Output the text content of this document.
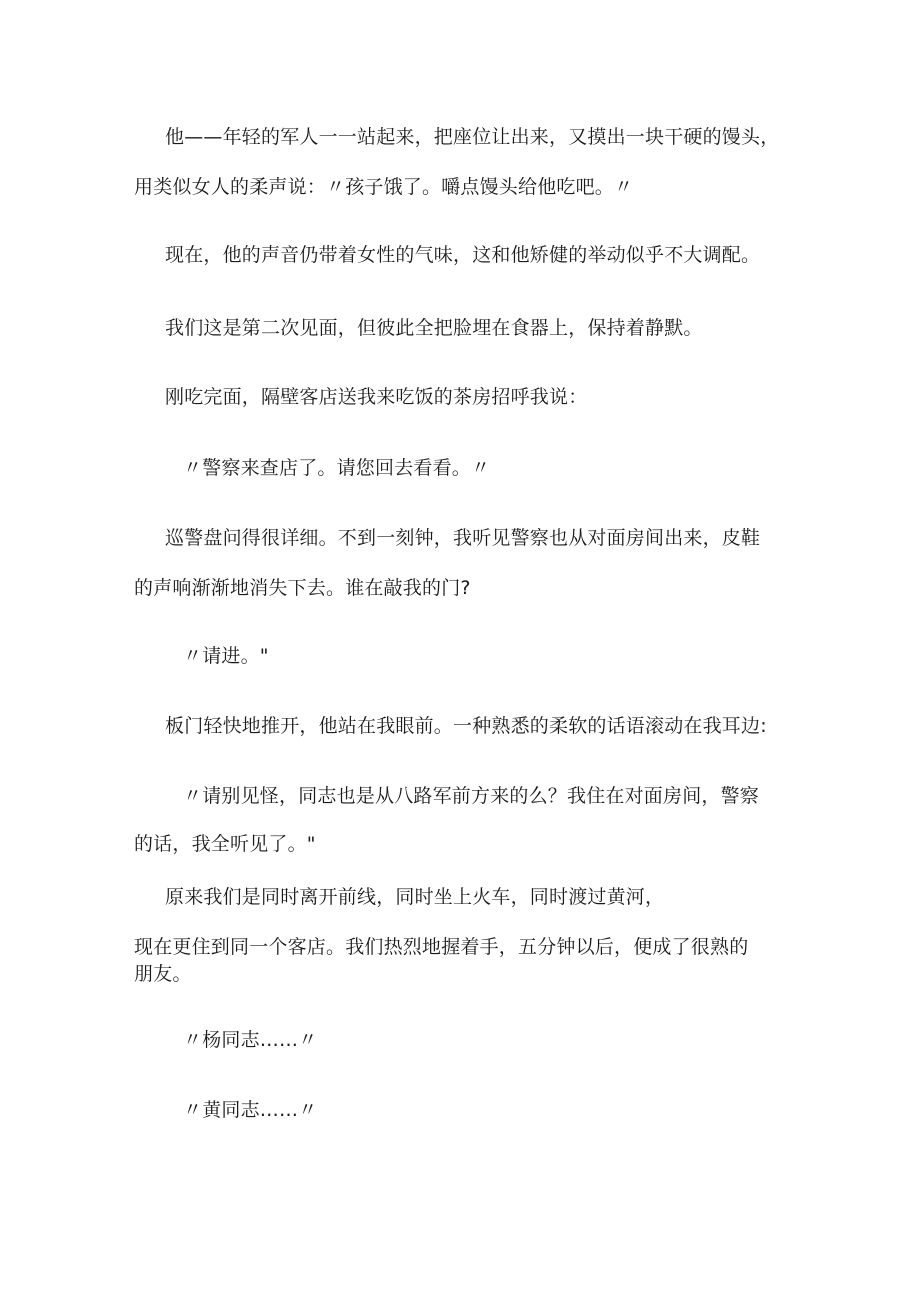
他——年轻的军人一一站起来，把座位让出来，又摸出一块干硬的馒头，
用类似女人的柔声说：〃孩子饿了。嚼点馒头给他吃吧。〃
现在，他的声音仍带着女性的气味，这和他矫健的举动似乎不大调配。
我们这是第二次见面，但彼此全把脸埋在食器上，保持着静默。
刚吃完面，隔壁客店送我来吃饭的茶房招呼我说：
〃警察来查店了。请您回去看看。〃
巡警盘问得很详细。不到一刻钟，我听见警察也从对面房间出来，皮鞋
的声响渐渐地消失下去。谁在敲我的门?
〃请进。"
板门轻快地推开，他站在我眼前。一种熟悉的柔软的话语滚动在我耳边:
〃请别见怪，同志也是从八路军前方来的么？我住在对面房间，警察
的话，我全听见了。"
原来我们是同时离开前线，同时坐上火车，同时渡过黄河，
现在更住到同一个客店。我们热烈地握着手，五分钟以后，便成了很熟的
朋友。
〃杨同志……〃
〃黄同志……〃
